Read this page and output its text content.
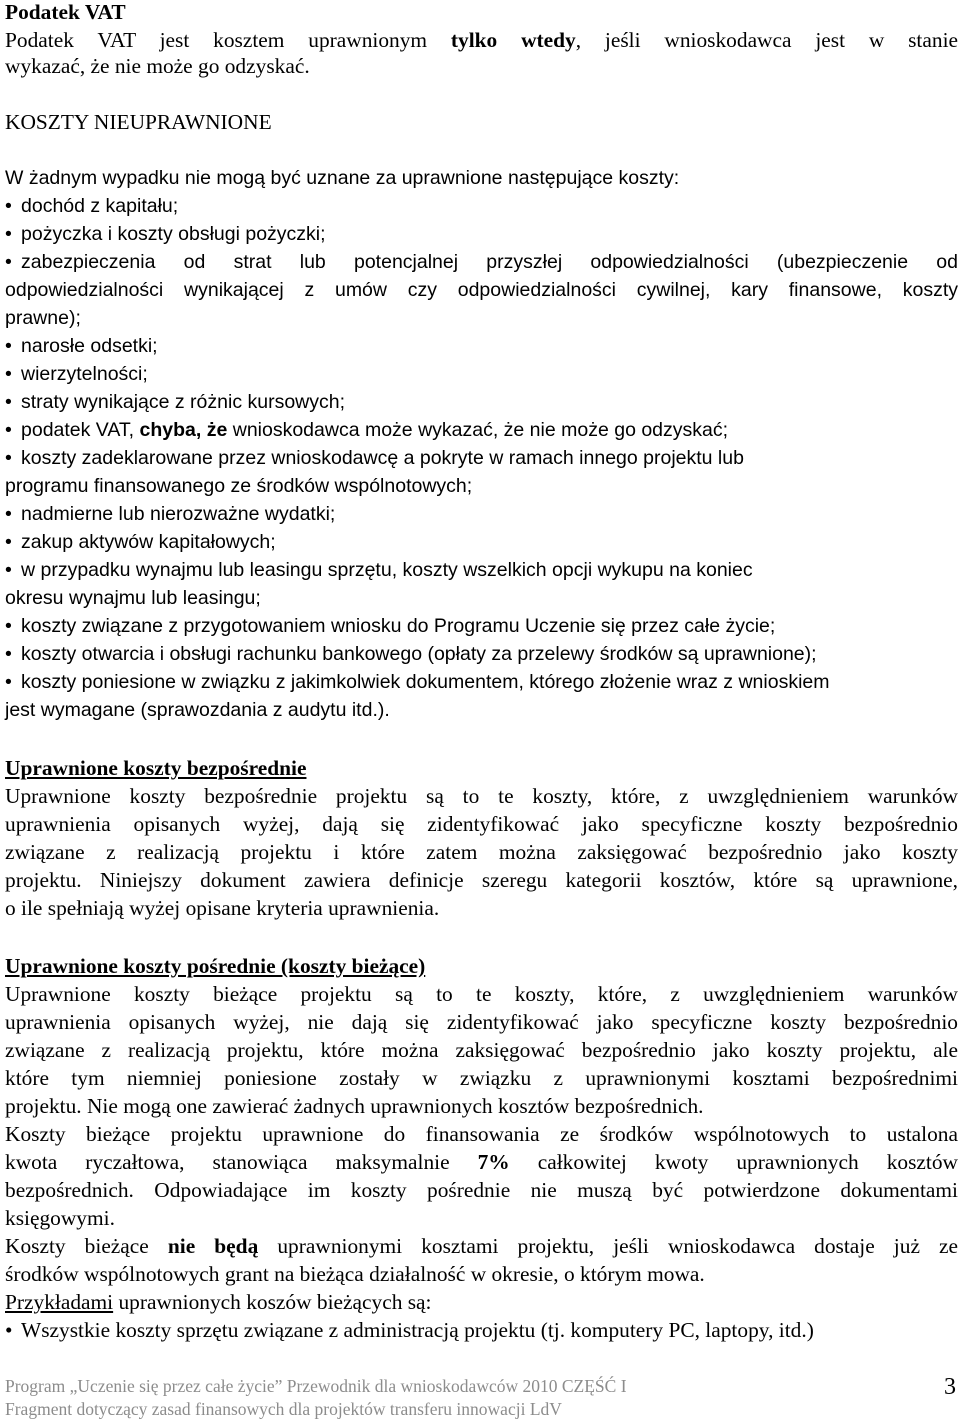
Podatek VAT
Podatek VAT jest kosztem uprawnionym tylko wtedy, jeśli wnioskodawca jest w stanie
wykazać, że nie może go odzyskać.
KOSZTY NIEUPRAWNIONE
W żadnym wypadku nie mogą być uznane za uprawnione następujące koszty:
• dochód z kapitału;
• pożyczka i koszty obsługi pożyczki;
• zabezpieczenia od strat lub potencjalnej przyszłej odpowiedzialności (ubezpieczenie od
odpowiedzialności wynikającej z umów czy odpowiedzialności cywilnej, kary finansowe, koszty
prawne);
• narosłe odsetki;
• wierzytelności;
• straty wynikające z różnic kursowych;
• podatek VAT, chyba, że wnioskodawca może wykazać, że nie może go odzyskać;
• koszty zadeklarowane przez wnioskodawcę a pokryte w ramach innego projektu lub
programu finansowanego ze środków wspólnotowych;
• nadmierne lub nierozważne wydatki;
• zakup aktywów kapitałowych;
• w przypadku wynajmu lub leasingu sprzętu, koszty wszelkich opcji wykupu na koniec
okresu wynajmu lub leasingu;
• koszty związane z przygotowaniem wniosku do Programu Uczenie się przez całe życie;
• koszty otwarcia i obsługi rachunku bankowego (opłaty za przelewy środków są uprawnione);
• koszty poniesione w związku z jakimkolwiek dokumentem, którego złożenie wraz z wnioskiem
jest wymagane (sprawozdania z audytu itd.).
Uprawnione koszty bezpośrednie
Uprawnione koszty bezpośrednie projektu są to te koszty, które, z uwzględnieniem warunków
uprawnienia opisanych wyżej, dają się zidentyfikować jako specyficzne koszty bezpośrednio
związane z realizacją projektu i które zatem można zaksięgować bezpośrednio jako koszty
projektu. Niniejszy dokument zawiera definicje szeregu kategorii kosztów, które są uprawnione,
o ile spełniają wyżej opisane kryteria uprawnienia.
Uprawnione koszty pośrednie (koszty bieżące)
Uprawnione koszty bieżące projektu są to te koszty, które, z uwzględnieniem warunków
uprawnienia opisanych wyżej, nie dają się zidentyfikować jako specyficzne koszty bezpośrednio
związane z realizacją projektu, które można zaksięgować bezpośrednio jako koszty projektu, ale
które tym niemniej poniesione zostały w związku z uprawnionymi kosztami bezpośrednimi
projektu. Nie mogą one zawierać żadnych uprawnionych kosztów bezpośrednich.
Koszty bieżące projektu uprawnione do finansowania ze środków wspólnotowych to ustalona
kwota ryczałtowa, stanowiąca maksymalnie 7% całkowitej kwoty uprawnionych kosztów
bezpośrednich. Odpowiadające im koszty pośrednie nie muszą być potwierdzone dokumentami
księgowymi.
Koszty bieżące nie będą uprawnionymi kosztami projektu, jeśli wnioskodawca dostaje już ze
środków wspólnotowych grant na bieżąca działalność w okresie, o którym mowa.
Przykładami uprawnionych koszów bieżących są:
• Wszystkie koszty sprzętu związane z administracją projektu (tj. komputery PC, laptopy, itd.)
Program „Uczenie się przez całe życie” Przewodnik dla wnioskodawców 2010 CZĘŚĆ I
Fragment dotyczący zasad finansowych dla projektów transferu innowacji LdV
3
